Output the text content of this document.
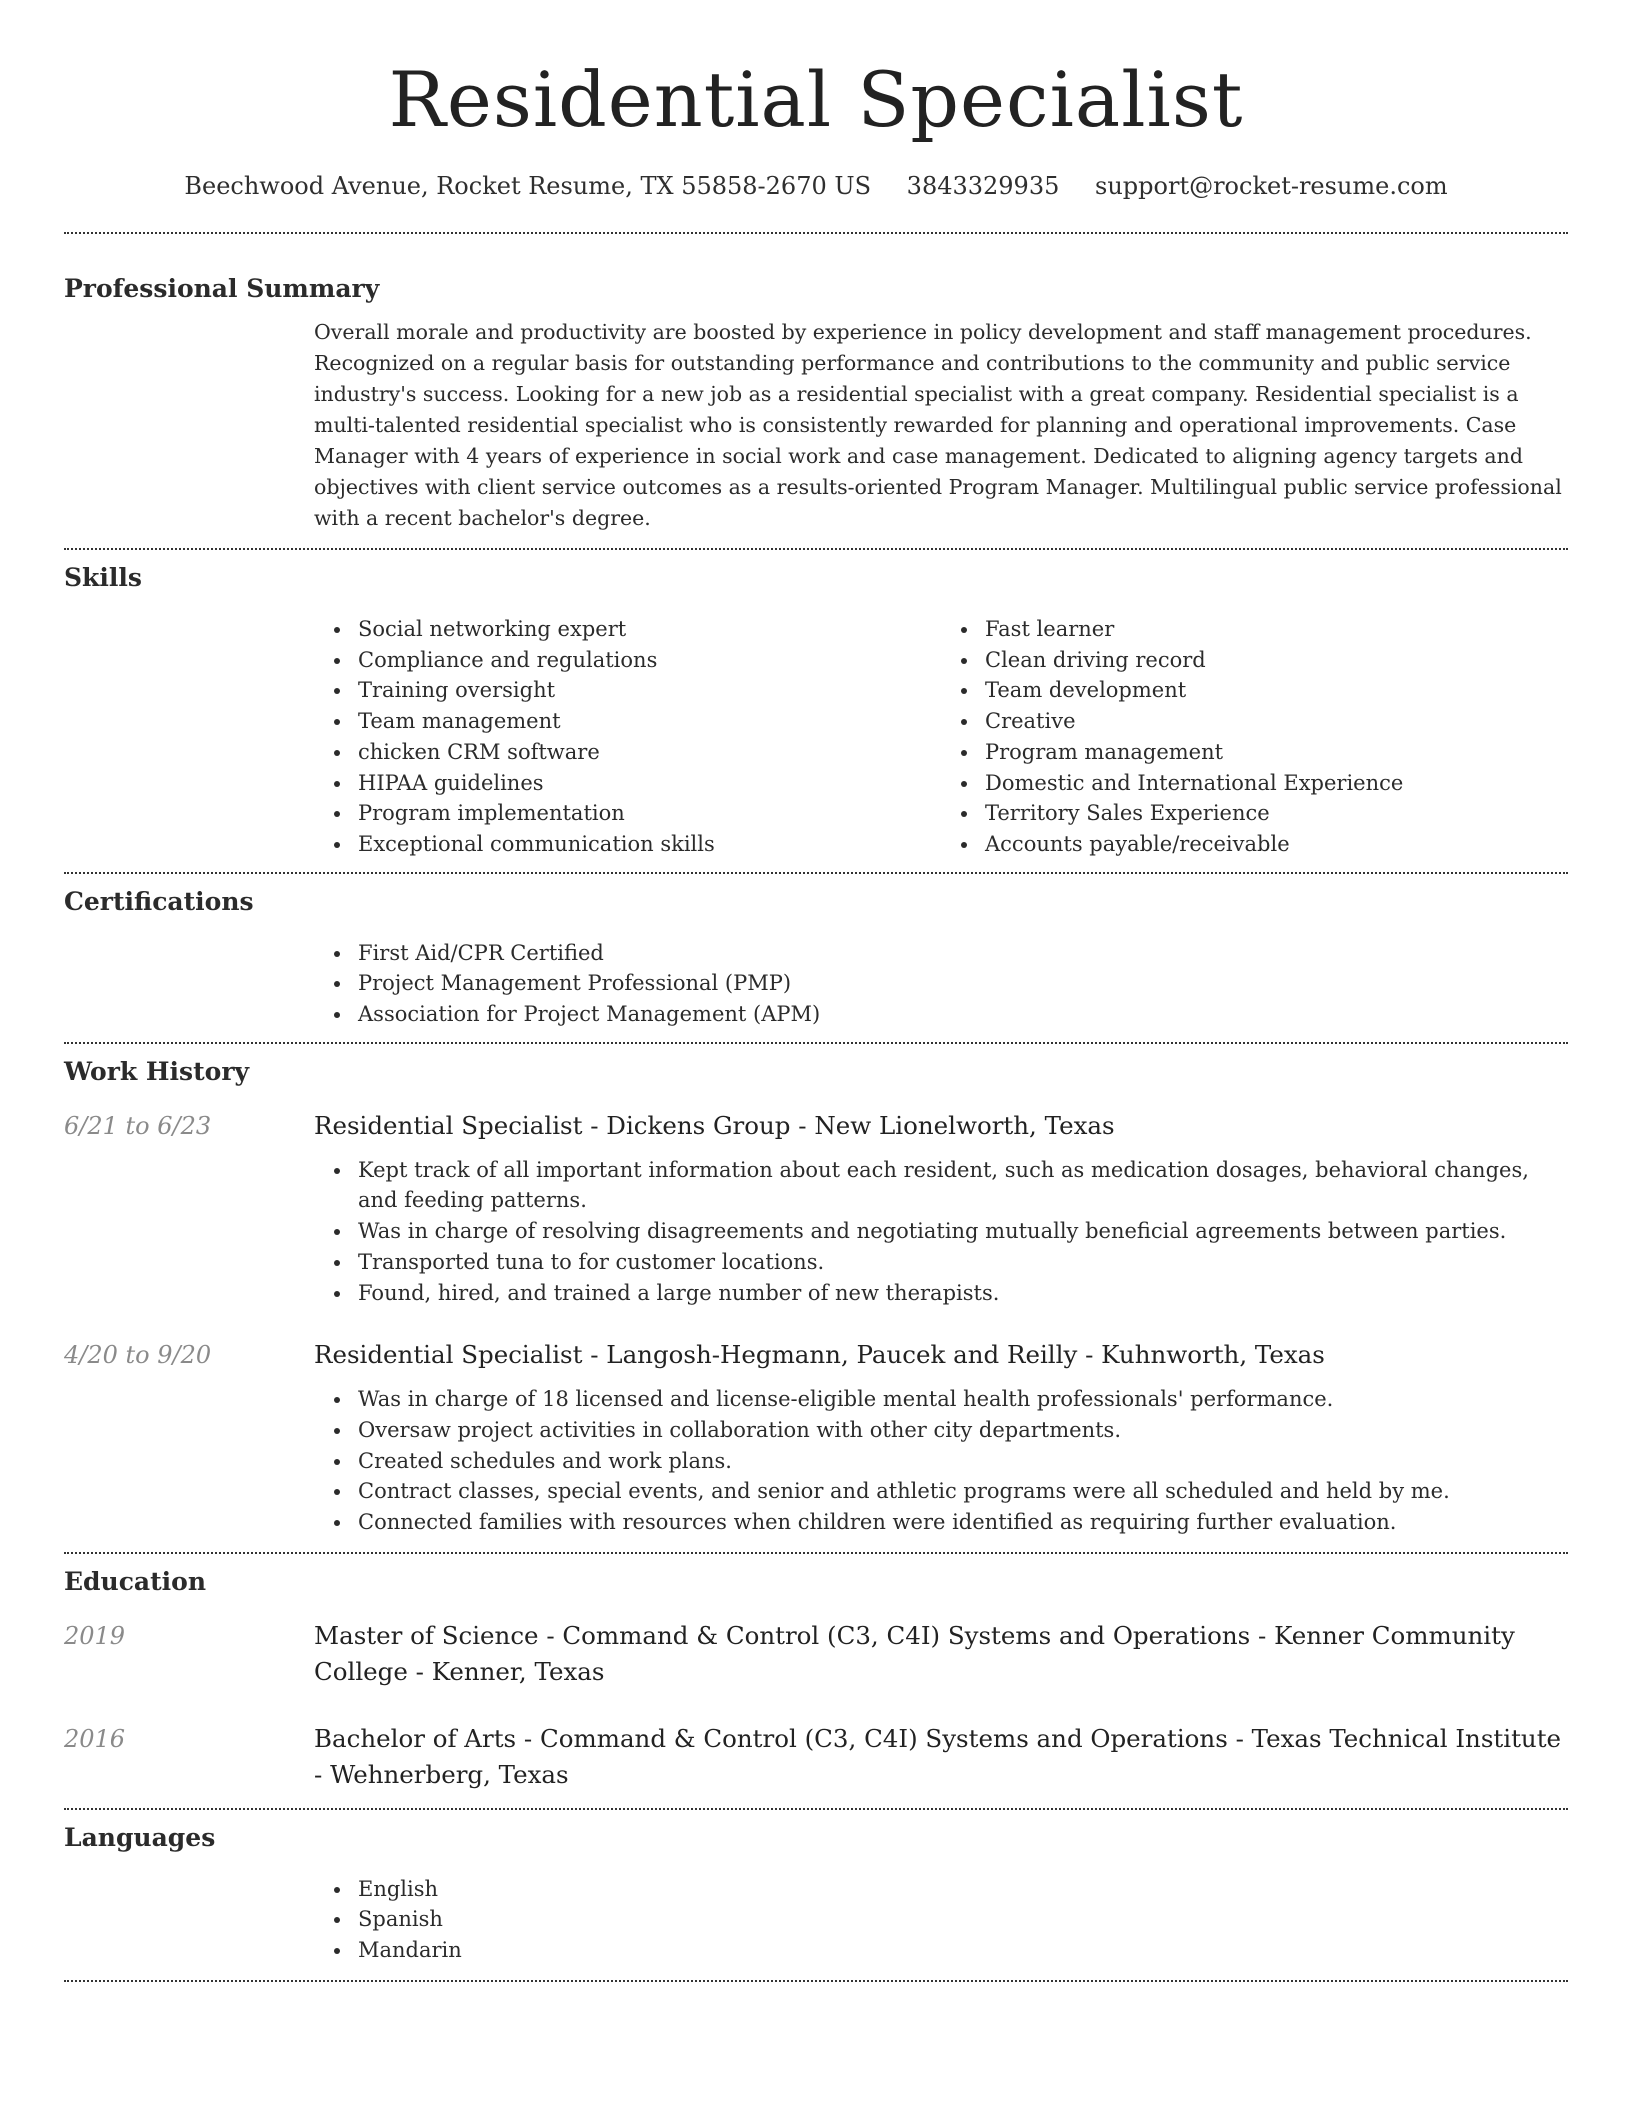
Residential Specialist
Beechwood Avenue, Rocket Resume, TX 55858-2670 US 3843329935 support@rocket-resume.com
Professional Summary

Overall morale and productivity are boosted by experience in policy development and staff management procedures. Recognized on a regular basis for outstanding performance and contributions to the community and public service industry's success. Looking for a new job as a residential specialist with a great company. Residential specialist is a multi-talented residential specialist who is consistently rewarded for planning and operational improvements. Case Manager with 4 years of experience in social work and case management. Dedicated to aligning agency targets and objectives with client service outcomes as a results-oriented Program Manager. Multilingual public service professional with a recent bachelor's degree.

Skills
Social networking expert
Compliance and regulations
Training oversight
Team management
chicken CRM software
HIPAA guidelines
Program implementation
Exceptional communication skills
Fast learner
Clean driving record
Team development
Creative
Program management
Domestic and International Experience
Territory Sales Experience
Accounts payable/receivable
Certifications
First Aid/CPR Certified
Project Management Professional (PMP)
Association for Project Management (APM)
Work History
6/21 to 6/23	Residential Specialist - Dickens Group - New Lionelworth, Texas
Kept track of all important information about each resident, such as medication dosages, behavioral changes, and feeding patterns.
Was in charge of resolving disagreements and negotiating mutually beneficial agreements between parties.
Transported tuna to for customer locations.
Found, hired, and trained a large number of new therapists.
4/20 to 9/20	Residential Specialist - Langosh-Hegmann, Paucek and Reilly - Kuhnworth, Texas
Was in charge of 18 licensed and license-eligible mental health professionals' performance.
Oversaw project activities in collaboration with other city departments.
Created schedules and work plans.
Contract classes, special events, and senior and athletic programs were all scheduled and held by me.
Connected families with resources when children were identified as requiring further evaluation.
Education
2019	Master of Science - Command & Control (C3, C4I) Systems and Operations - Kenner Community College - Kenner, Texas
2016	Bachelor of Arts - Command & Control (C3, C4I) Systems and Operations - Texas Technical Institute - Wehnerberg, Texas
Languages
English
Spanish
Mandarin
